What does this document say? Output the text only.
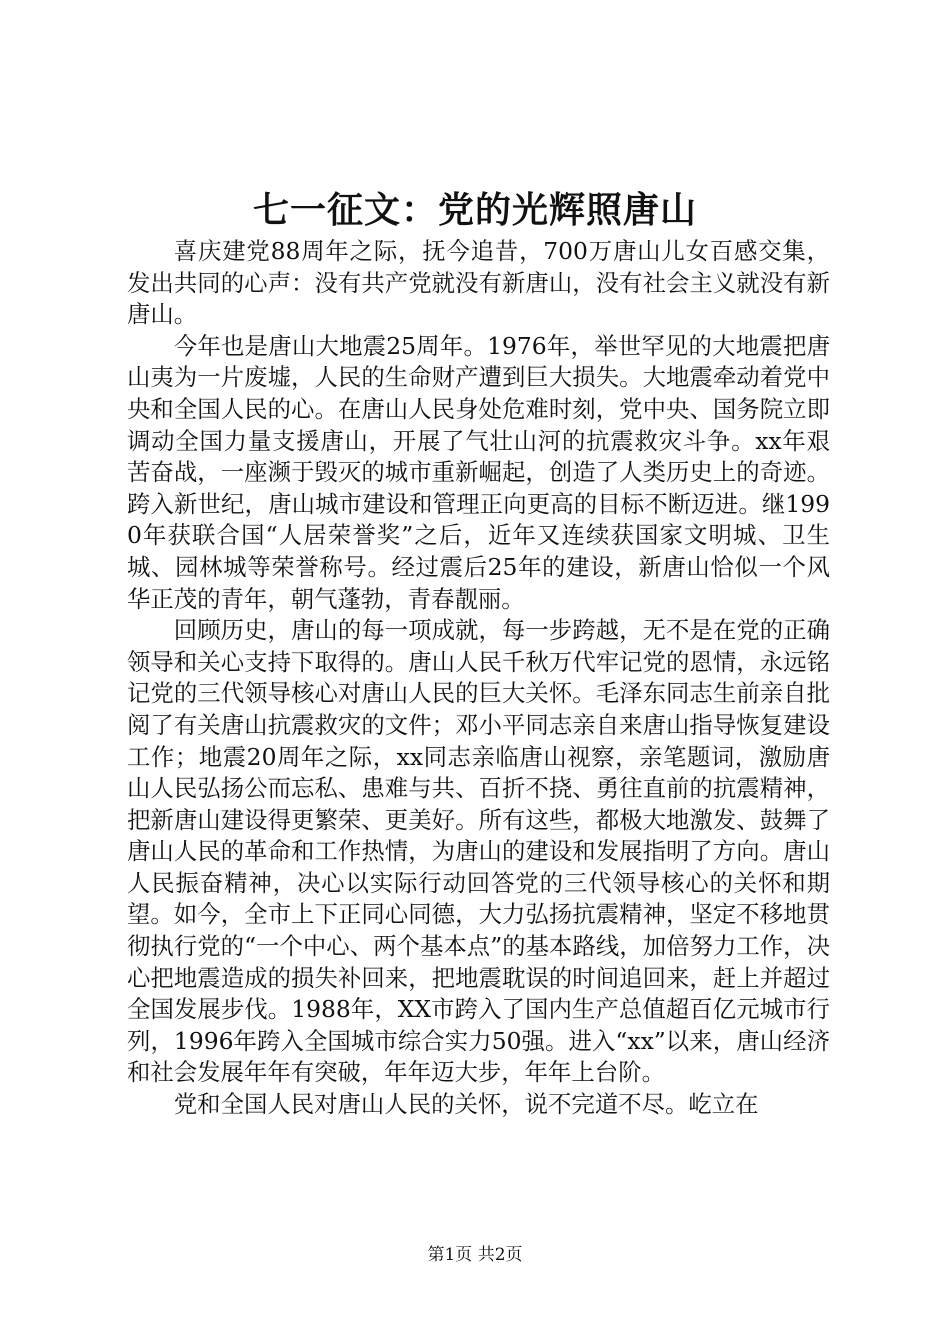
七一征文：党的光辉照唐山

喜庆建党88周年之际，抚今追昔，700万唐山儿女百感交集，发出共同的心声：没有共产党就没有新唐山，没有社会主义就没有新唐山。

今年也是唐山大地震25周年。1976年，举世罕见的大地震把唐山夷为一片废墟，人民的生命财产遭到巨大损失。大地震牵动着党中央和全国人民的心。在唐山人民身处危难时刻，党中央、国务院立即调动全国力量支援唐山，开展了气壮山河的抗震救灾斗争。xx年艰苦奋战，一座濒于毁灭的城市重新崛起，创造了人类历史上的奇迹。跨入新世纪，唐山城市建设和管理正向更高的目标不断迈进。继1990年获联合国“人居荣誉奖”之后，近年又连续获国家文明城、卫生城、园林城等荣誉称号。经过震后25年的建设，新唐山恰似一个风华正茂的青年，朝气蓬勃，青春靓丽。

回顾历史，唐山的每一项成就，每一步跨越，无不是在党的正确领导和关心支持下取得的。唐山人民千秋万代牢记党的恩情，永远铭记党的三代领导核心对唐山人民的巨大关怀。毛泽东同志生前亲自批阅了有关唐山抗震救灾的文件；邓小平同志亲自来唐山指导恢复建设工作；地震20周年之际，xx同志亲临唐山视察，亲笔题词，激励唐山人民弘扬公而忘私、患难与共、百折不挠、勇往直前的抗震精神，把新唐山建设得更繁荣、更美好。所有这些，都极大地激发、鼓舞了唐山人民的革命和工作热情，为唐山的建设和发展指明了方向。唐山人民振奋精神，决心以实际行动回答党的三代领导核心的关怀和期望。如今，全市上下正同心同德，大力弘扬抗震精神，坚定不移地贯彻执行党的“一个中心、两个基本点”的基本路线，加倍努力工作，决心把地震造成的损失补回来，把地震耽误的时间追回来，赶上并超过全国发展步伐。1988年，XX市跨入了国内生产总值超百亿元城市行列，1996年跨入全国城市综合实力50强。进入“xx”以来，唐山经济和社会发展年年有突破，年年迈大步，年年上台阶。

党和全国人民对唐山人民的关怀，说不完道不尽。屹立在

第1页 共2页
